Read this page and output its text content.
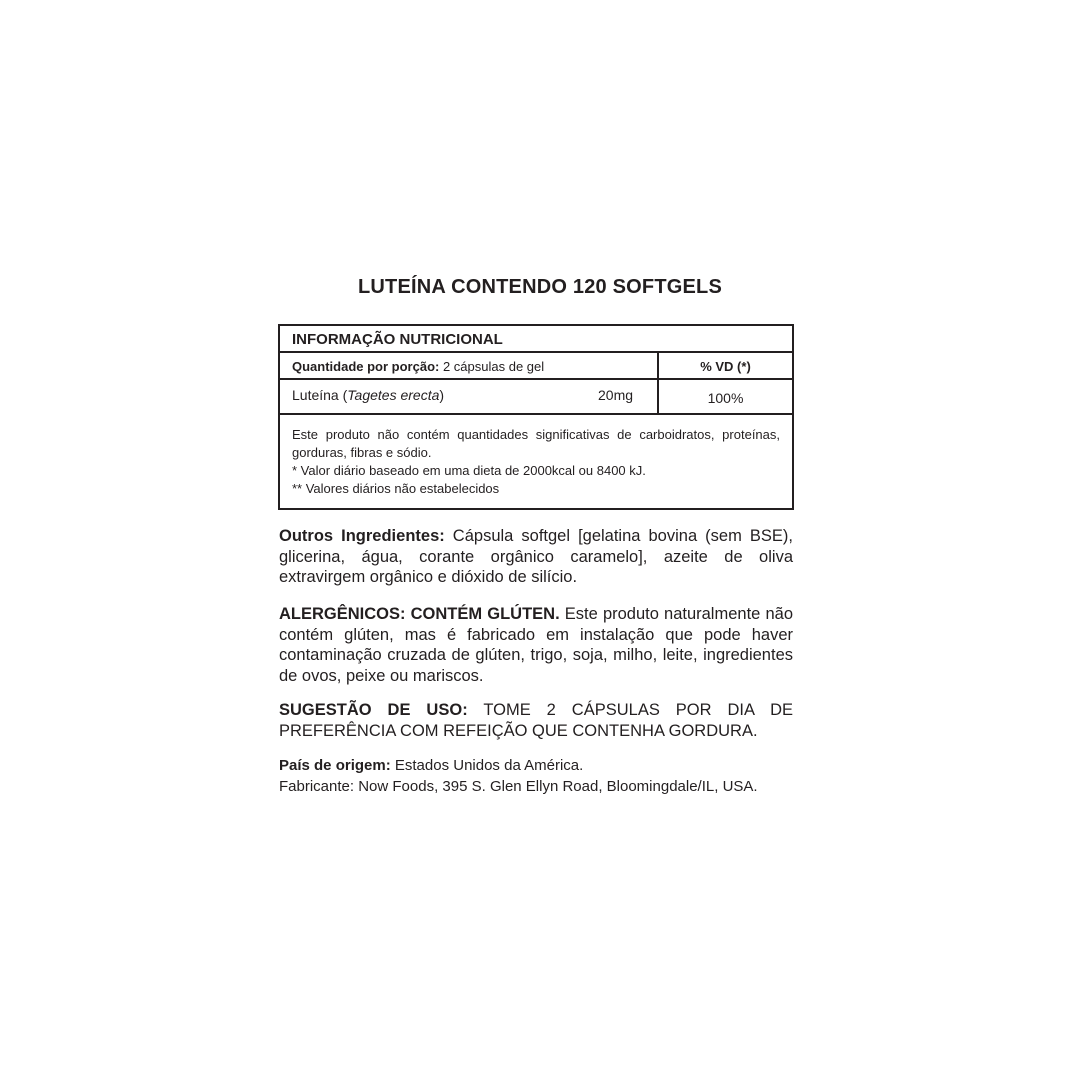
LUTEÍNA CONTENDO 120 SOFTGELS
INFORMAÇÃO NUTRICIONAL
Quantidade por porção: 2 cápsulas de gel	% VD (*)
Luteína (Tagetes erecta)	20mg	100%

Este produto não contém quantidades significativas de carboidratos, proteínas, gorduras, fibras e sódio.

* Valor diário baseado em uma dieta de 2000kcal ou 8400 kJ.

** Valores diários não estabelecidos

Outros Ingredientes: Cápsula softgel [gelatina bovina (sem BSE), glicerina, água, corante orgânico caramelo], azeite de oliva extravirgem orgânico e dióxido de silício.

ALERGÊNICOS: CONTÉM GLÚTEN. Este produto naturalmente não contém glúten, mas é fabricado em instalação que pode haver contaminação cruzada de glúten, trigo, soja, milho, leite, ingredientes de ovos, peixe ou mariscos.

SUGESTÃO DE USO: TOME 2 CÁPSULAS POR DIA DE PREFERÊNCIA COM REFEIÇÃO QUE CONTENHA GORDURA.

País de origem: Estados Unidos da América.
Fabricante: Now Foods, 395 S. Glen Ellyn Road, Bloomingdale/IL, USA.
